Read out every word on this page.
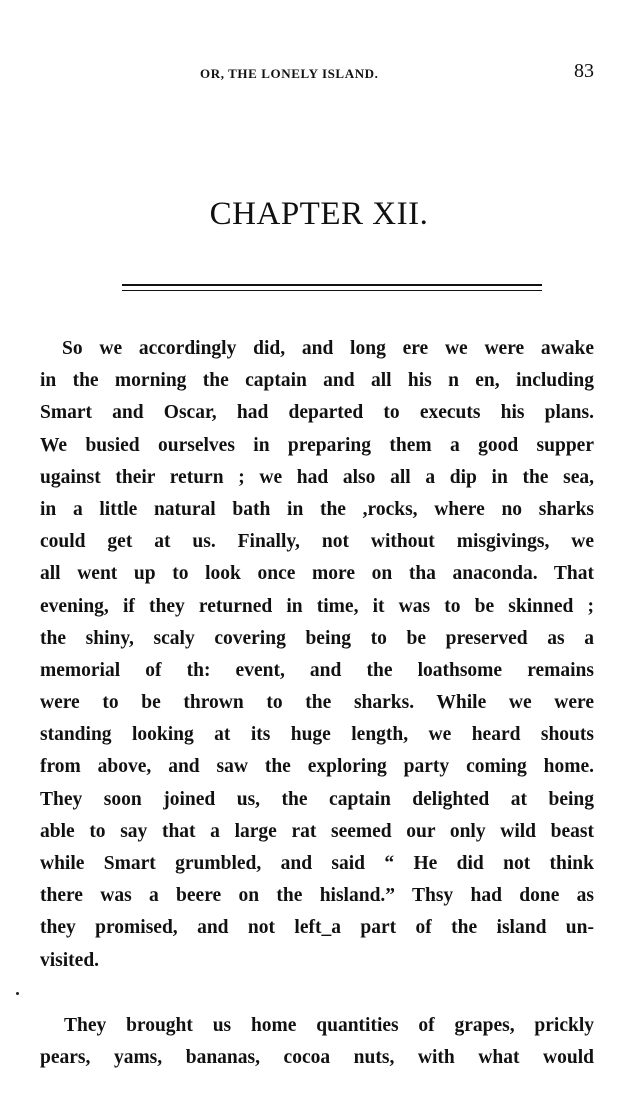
OR, THE LONELY ISLAND.	83
CHAPTER XII.
So we accordingly did, and long ere we were awake
in the morning the captain and all his n en, including
Smart and Oscar, had departed to executs his plans.
We busied ourselves in preparing them a good supper
ugainst their return ; we had also all a dip in the sea,
in a little natural bath in the ,rocks, where no sharks
could get at us. Finally, not without misgivings, we
all went up to look once more on tha anaconda. That
evening, if they returned in time, it was to be skinned ;
the shiny, scaly covering being to be preserved as a
memorial of th: event, and the loathsome remains
were to be thrown to the sharks. While we were
standing looking at its huge length, we heard shouts
from above, and saw the exploring party coming home.
They soon joined us, the captain delighted at being
able to say that a large rat seemed our only wild beast
while Smart grumbled, and said “ He did not think
there was a beere on the hisland.” Thsy had done as
they promised, and not left_a part of the island un-
visited.
They brought us home quantities of grapes, prickly
pears, yams, bananas, cocoa nuts, with what would
